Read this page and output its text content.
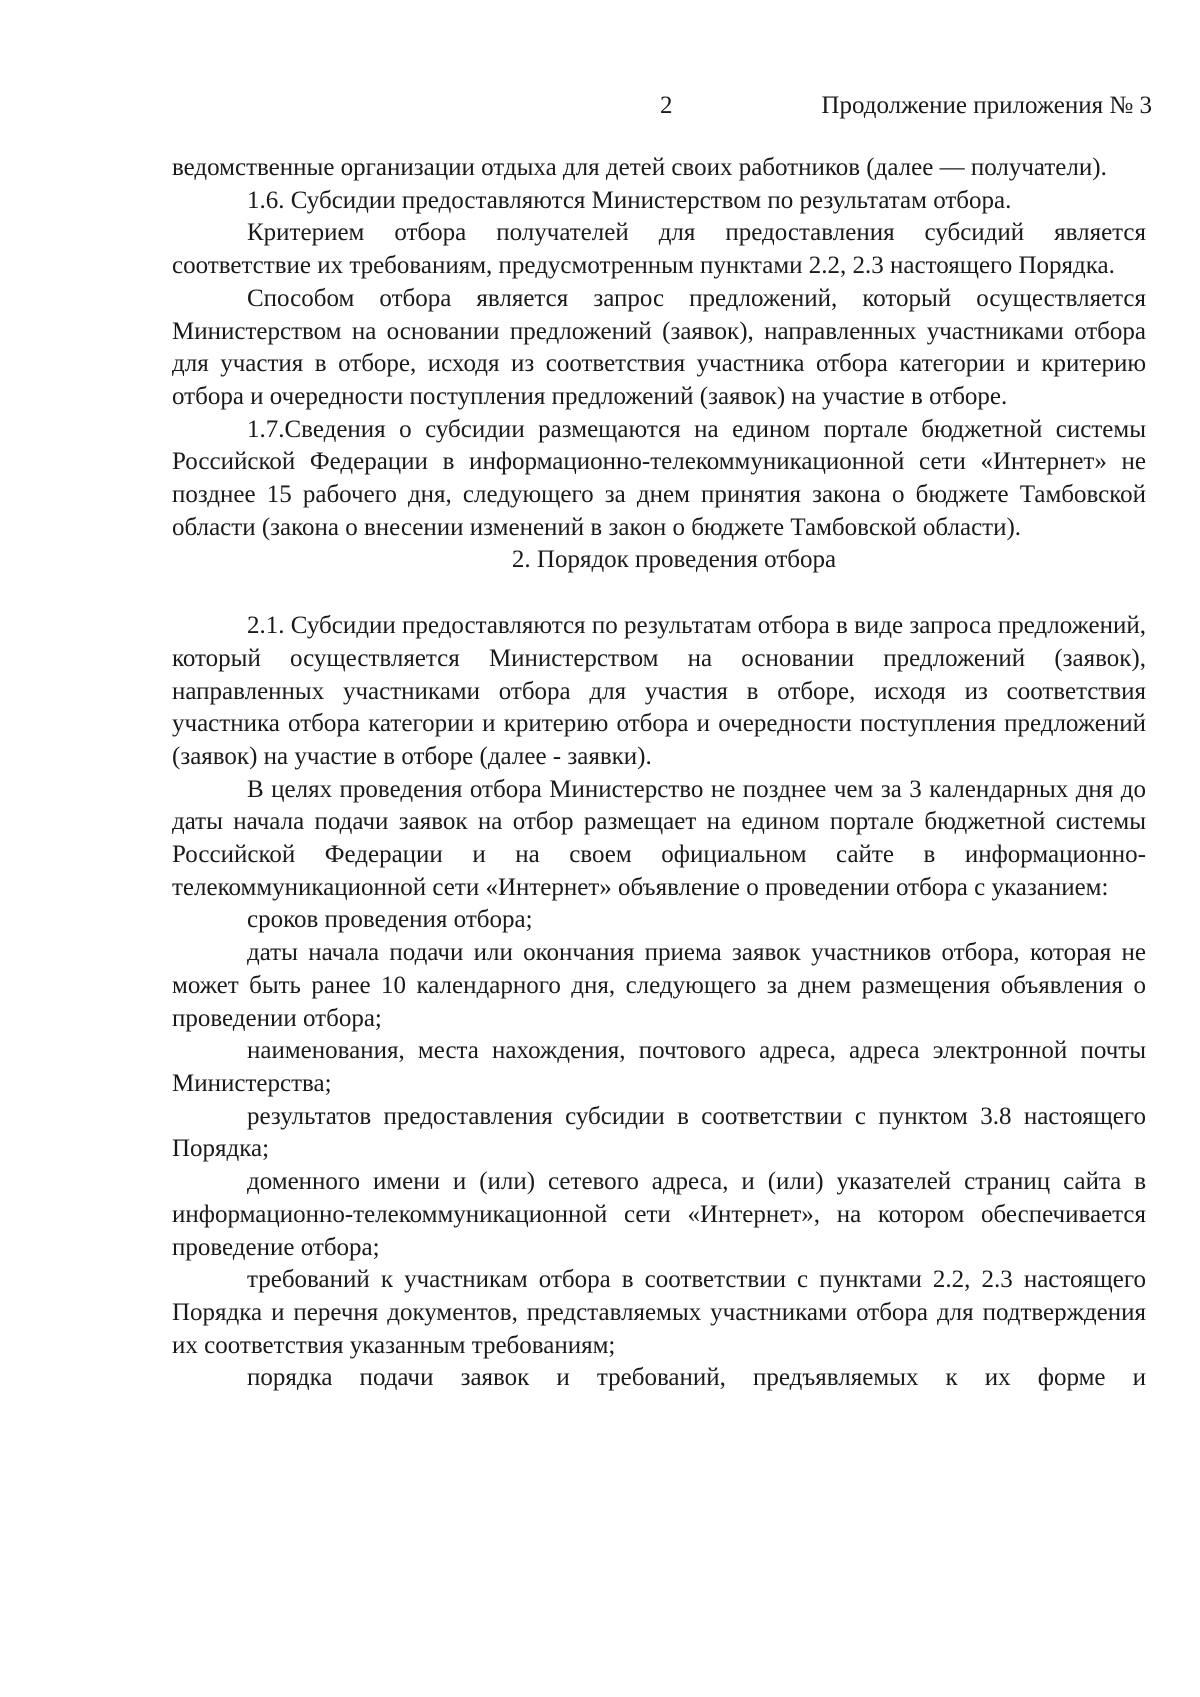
2	Продолжение приложения № 3

ведомственные организации отдыха для детей своих работников (далее — получатели).

1.6. Субсидии предоставляются Министерством по результатам отбора.

Критерием отбора получателей для предоставления субсидий является соответствие их требованиям, предусмотренным пунктами 2.2, 2.3 настоящего Порядка.

Способом отбора является запрос предложений, который осуществляется Министерством на основании предложений (заявок), направленных участниками отбора для участия в отборе, исходя из соответствия участника отбора категории и критерию отбора и очередности поступления предложений (заявок) на участие в отборе.

1.7.Сведения о субсидии размещаются на едином портале бюджетной системы Российской Федерации в информационно-телекоммуникационной сети «Интернет» не позднее 15 рабочего дня, следующего за днем принятия закона о бюджете Тамбовской области (закона о внесении изменений в закон о бюджете Тамбовской области).

2. Порядок проведения отбора

2.1. Субсидии предоставляются по результатам отбора в виде запроса предложений, который осуществляется Министерством на основании предложений (заявок), направленных участниками отбора для участия в отборе, исходя из соответствия участника отбора категории и критерию отбора и очередности поступления предложений (заявок) на участие в отборе (далее - заявки).

В целях проведения отбора Министерство не позднее чем за 3 календарных дня до даты начала подачи заявок на отбор размещает на едином портале бюджетной системы Российской Федерации и на своем официальном сайте в информационно-телекоммуникационной сети «Интернет» объявление о проведении отбора с указанием:

сроков проведения отбора;

даты начала подачи или окончания приема заявок участников отбора, которая не может быть ранее 10 календарного дня, следующего за днем размещения объявления о проведении отбора;

наименования, места нахождения, почтового адреса, адреса электронной почты Министерства;

результатов предоставления субсидии в соответствии с пунктом 3.8 настоящего Порядка;

доменного имени и (или) сетевого адреса, и (или) указателей страниц сайта в информационно-телекоммуникационной сети «Интернет», на котором обеспечивается проведение отбора;

требований к участникам отбора в соответствии с пунктами 2.2, 2.3 настоящего Порядка и перечня документов, представляемых участниками отбора для подтверждения их соответствия указанным требованиям;

порядка подачи заявок и требований, предъявляемых к их форме и
